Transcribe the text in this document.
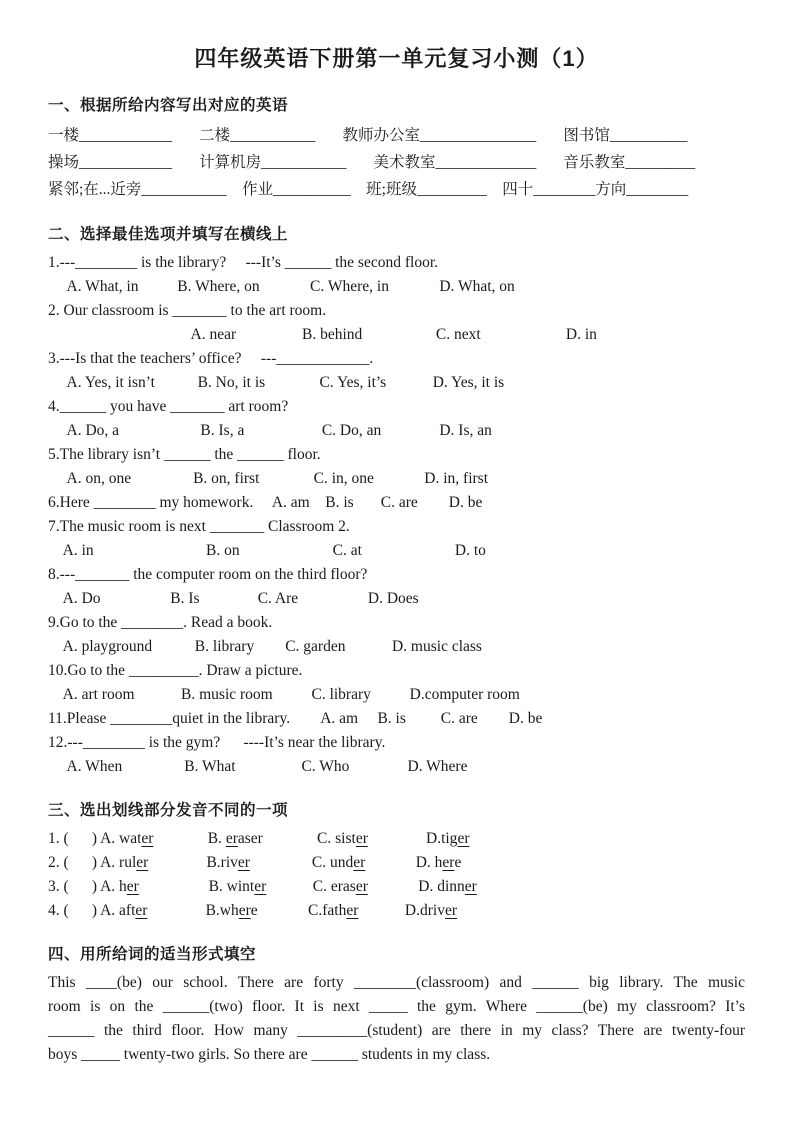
四年级英语下册第一单元复习小测（1）
一、根据所给内容写出对应的英语
一楼____________       二楼___________       教师办公室_______________       图书馆__________
操场____________       计算机房___________       美术教室_____________       音乐教室_________
紧邻;在...近旁___________    作业__________    班;班级_________    四十________方向________
二、选择最佳选项并填写在横线上
1.---________ is the library?     ---It’s ______ the second floor.
A. What, in          B. Where, on             C. Where, in             D. What, on
2. Our classroom is _______ to the art room.
A. near                 B. behind                   C. next                      D. in
3.---Is that the teachers’ office?     ---____________.
A. Yes, it isn’t           B. No, it is              C. Yes, it’s            D. Yes, it is
4.______ you have _______ art room?
A. Do, a                     B. Is, a                    C. Do, an               D. Is, an
5.The library isn’t ______ the ______ floor.
A. on, one                B. on, first              C. in, one             D. in, first
6.Here ________ my homework.     A. am    B. is       C. are        D. be
7.The music room is next _______ Classroom 2.
A. in                             B. on                        C. at                        D. to
8.---_______ the computer room on the third floor?
A. Do                  B. Is               C. Are                  D. Does
9.Go to the ________. Read a book.
A. playground           B. library        C. garden            D. music class
10.Go to the _________. Draw a picture.
A. art room            B. music room          C. library          D.computer room
11.Please ________quiet in the library.        A. am     B. is         C. are        D. be
12.---________ is the gym?      ----It’s near the library.
A. When                B. What                 C. Who               D. Where
三、选出划线部分发音不同的一项
1. (      ) A. water              B. eraser              C. sister               D.tiger
2. (      ) A. ruler               B.river                C. under             D. here
3. (      ) A. her                  B. winter            C. eraser             D. dinner
4. (      ) A. after               B.where             C.father            D.driver
四、用所给词的适当形式填空
This ____(be) our school. There are forty ________(classroom) and ______ big library. The music
room is on the ______(two) floor. It is next _____ the gym. Where ______(be) my classroom? It’s
______ the third floor. How many _________(student) are there in my class? There are twenty-four
boys _____ twenty-two girls. So there are ______ students in my class.
